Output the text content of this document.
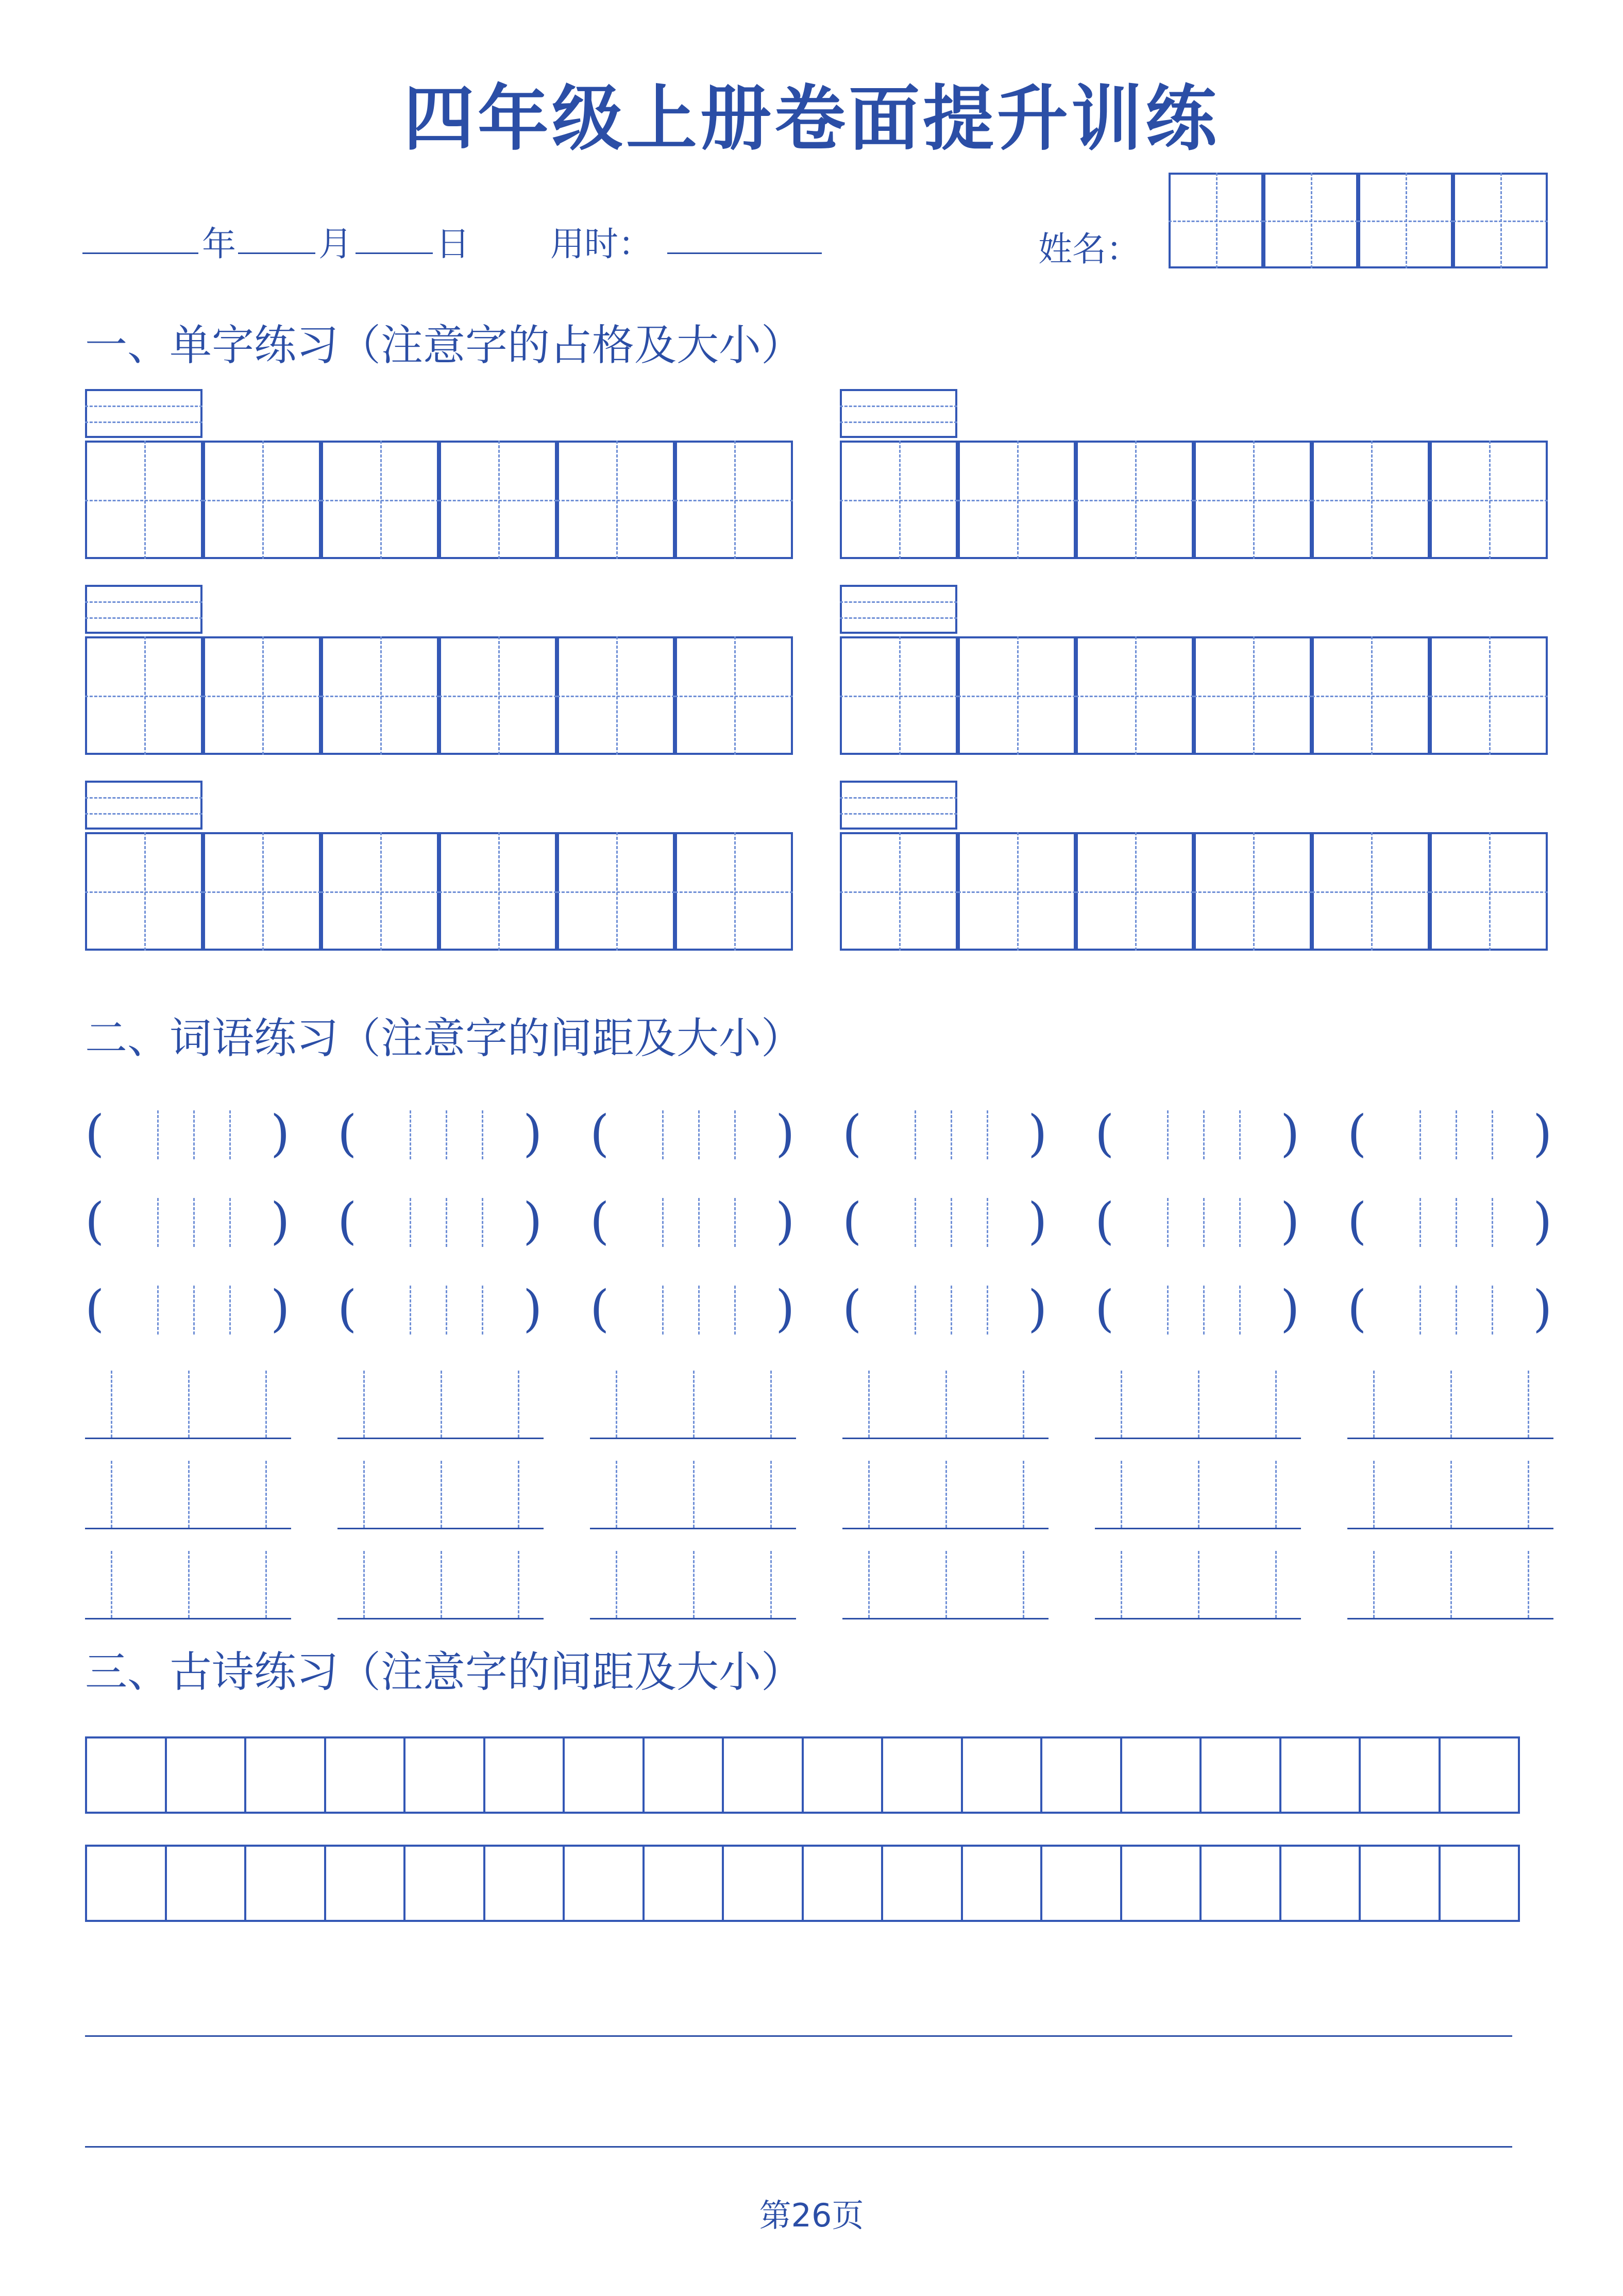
四年级上册卷面提升训练
年 月 日 用时：	姓名：
一、单字练习（注意字的占格及大小）
二、词语练习（注意字的间距及大小）
三、古诗练习（注意字的间距及大小）
(	)
(	)
(	)
(	)
(	)
(	)
(	)
(	)
(	)
(	)
(	)
(	)
(	)
(	)
(	)
(	)
(	)
(	)
第26页
